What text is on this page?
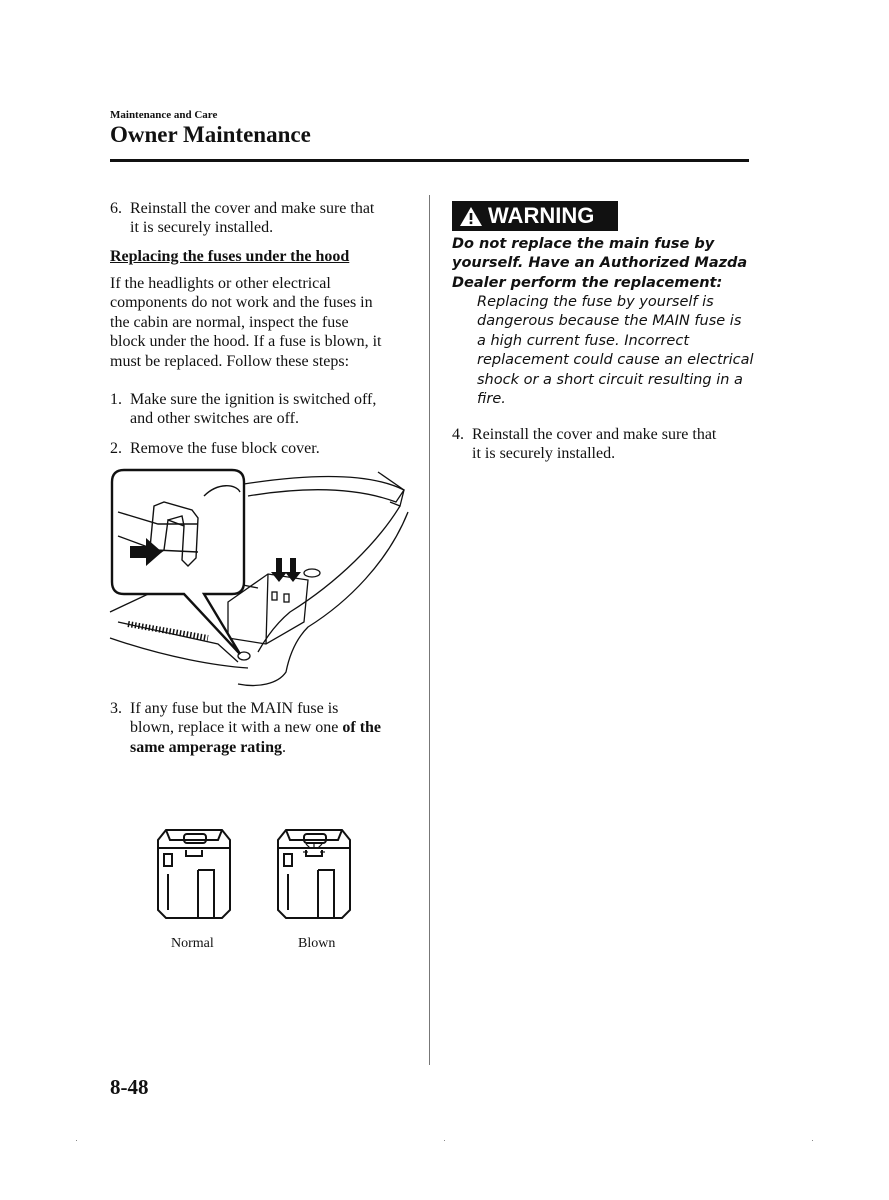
Maintenance and Care
Owner Maintenance
6. Reinstall the cover and make sure that
it is securely installed.
Replacing the fuses under the hood
If the headlights or other electrical
components do not work and the fuses in
the cabin are normal, inspect the fuse
block under the hood. If a fuse is blown, it
must be replaced. Follow these steps:
1. Make sure the ignition is switched off,
and other switches are off.
2. Remove the fuse block cover.
3. If any fuse but the MAIN fuse is
blown, replace it with a new one of the
same amperage rating.
Normal	Blown
WARNING
Do not replace the main fuse by
yourself. Have an Authorized Mazda
Dealer perform the replacement:
Replacing the fuse by yourself is
dangerous because the MAIN fuse is
a high current fuse. Incorrect
replacement could cause an electrical
shock or a short circuit resulting in a
fire.
4. Reinstall the cover and make sure that
it is securely installed.
8-48
